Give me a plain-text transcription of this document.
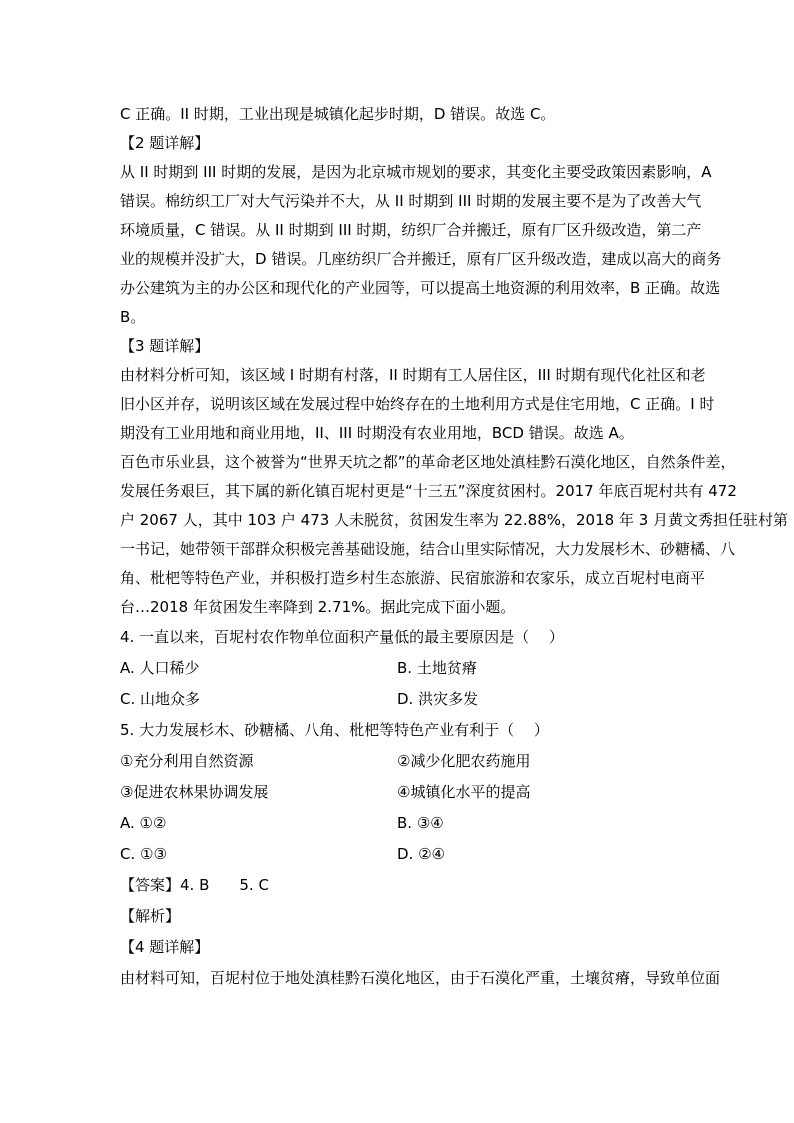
C 正确。II 时期，工业出现是城镇化起步时期，D 错误。故选 C。
【2 题详解】
从 II 时期到 III 时期的发展，是因为北京城市规划的要求，其变化主要受政策因素影响，A
错误。棉纺织工厂对大气污染并不大，从 II 时期到 III 时期的发展主要不是为了改善大气
环境质量，C 错误。从 II 时期到 III 时期，纺织厂合并搬迁，原有厂区升级改造，第二产
业的规模并没扩大，D 错误。几座纺织厂合并搬迁，原有厂区升级改造，建成以高大的商务
办公建筑为主的办公区和现代化的产业园等，可以提高土地资源的利用效率，B 正确。故选
B。
【3 题详解】
由材料分析可知，该区域 I 时期有村落，II 时期有工人居住区，III 时期有现代化社区和老
旧小区并存，说明该区域在发展过程中始终存在的土地利用方式是住宅用地，C 正确。I 时
期没有工业用地和商业用地，II、III 时期没有农业用地，BCD 错误。故选 A。
百色市乐业县，这个被誉为“世界天坑之都”的革命老区地处滇桂黔石漠化地区，自然条件差，
发展任务艰巨，其下属的新化镇百坭村更是“十三五”深度贫困村。2017 年底百坭村共有 472
户 2067 人，其中 103 户 473 人未脱贫，贫困发生率为 22.88%，2018 年 3 月黄文秀担任驻村第
一书记，她带领干部群众积极完善基础设施，结合山里实际情况，大力发展杉木、砂糖橘、八
角、枇杷等特色产业，并积极打造乡村生态旅游、民宿旅游和农家乐，成立百坭村电商平
台…2018 年贫困发生率降到 2.71%。据此完成下面小题。
4. 一直以来，百坭村农作物单位面积产量低的最主要原因是（　 ）
A. 人口稀少	B. 土地贫瘠
C. 山地众多	D. 洪灾多发
5. 大力发展杉木、砂糖橘、八角、枇杷等特色产业有利于（　 ）
①充分利用自然资源	②减少化肥农药施用
③促进农林果协调发展	④城镇化水平的提高
A. ①②	B. ③④
C. ①③	D. ②④
【答案】4. B　　5. C
【解析】
【4 题详解】
由材料可知，百坭村位于地处滇桂黔石漠化地区，由于石漠化严重，土壤贫瘠，导致单位面
